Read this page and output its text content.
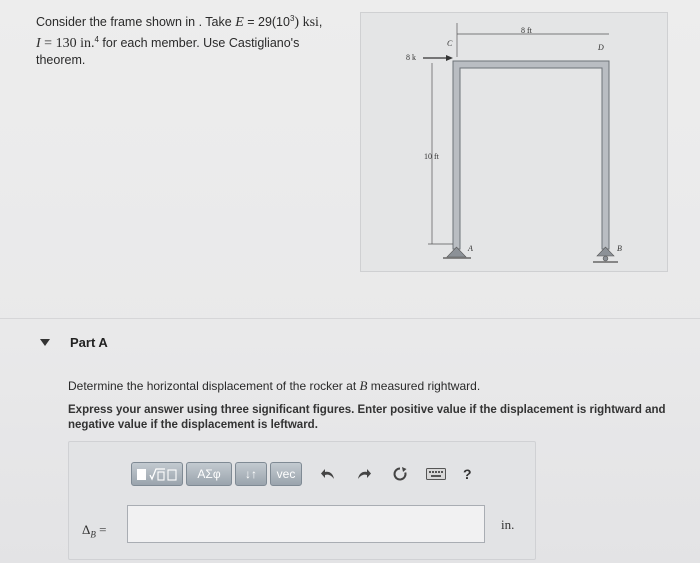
Consider the frame shown in . Take $E = 29(10^3)$ ksi,
I = 130 in.$^4$ for each member. Use Castigliano's
theorem.	8 k
10 ft
8 ft
C	D
A	B
Part A
Determine the horizontal displacement of the rocker at B measured rightward.
Express your answer using three significant figures. Enter positive value if the displacement is rightward and negative value if the displacement is leftward.
ΑΣφ	↓↑	vec	?
$\Delta_B$ =	in.
